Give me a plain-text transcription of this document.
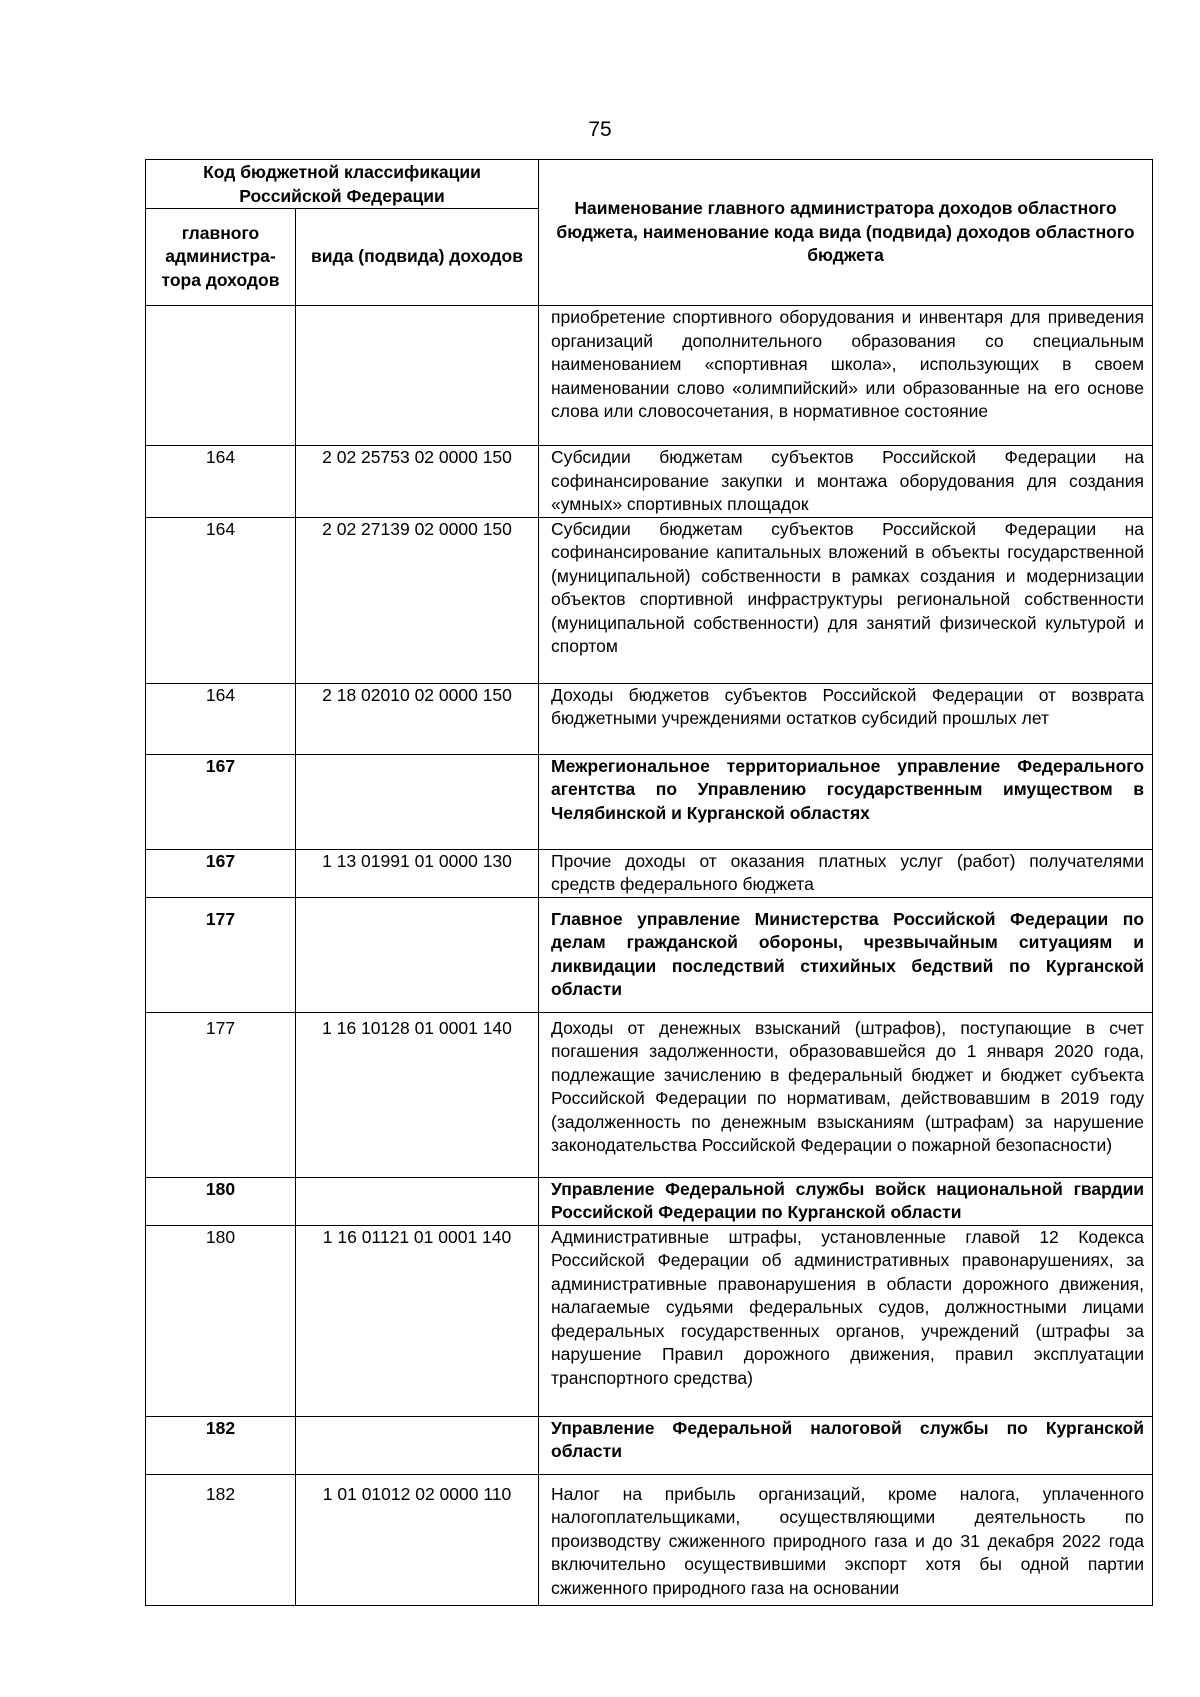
75
Код бюджетной классификации Российской Федерации		Наименование главного администратора доходов областного бюджета, наименование кода вида (подвида) доходов областного бюджета
главного администра-тора доходов	вида (подвида) доходов	
		приобретение спортивного оборудования и инвентаря для приведения организаций дополнительного образования со специальным наименованием «спортивная школа», использующих в своем наименовании слово «олимпийский» или образованные на его основе слова или словосочетания, в нормативное состояние
164	2 02 25753 02 0000 150	Субсидии бюджетам субъектов Российской Федерации на софинансирование закупки и монтажа оборудования для создания «умных» спортивных площадок
164	2 02 27139 02 0000 150	Субсидии бюджетам субъектов Российской Федерации на софинансирование капитальных вложений в объекты государственной (муниципальной) собственности в рамках создания и модернизации объектов спортивной инфраструктуры региональной собственности (муниципальной собственности) для занятий физической культурой и спортом
164	2 18 02010 02 0000 150	Доходы бюджетов субъектов Российской Федерации от возврата бюджетными учреждениями остатков субсидий прошлых лет
167		Межрегиональное территориальное управление Федерального агентства по Управлению государственным имуществом в Челябинской и Курганской областях
167	1 13 01991 01 0000 130	Прочие доходы от оказания платных услуг (работ) получателями средств федерального бюджета
177		Главное управление Министерства Российской Федерации по делам гражданской обороны, чрезвычайным ситуациям и ликвидации последствий стихийных бедствий по Курганской области
177	1 16 10128 01 0001 140	Доходы от денежных взысканий (штрафов), поступающие в счет погашения задолженности, образовавшейся до 1 января 2020 года, подлежащие зачислению в федеральный бюджет и бюджет субъекта Российской Федерации по нормативам, действовавшим в 2019 году (задолженность по денежным взысканиям (штрафам) за нарушение законодательства Российской Федерации о пожарной безопасности)
180		Управление Федеральной службы войск национальной гвардии Российской Федерации по Курганской области
180	1 16 01121 01 0001 140	Административные штрафы, установленные главой 12 Кодекса Российской Федерации об административных правонарушениях, за административные правонарушения в области дорожного движения, налагаемые судьями федеральных судов, должностными лицами федеральных государственных органов, учреждений (штрафы за нарушение Правил дорожного движения, правил эксплуатации транспортного средства)
182		Управление Федеральной налоговой службы по Курганской области
182	1 01 01012 02 0000 110	Налог на прибыль организаций, кроме налога, уплаченного налогоплательщиками, осуществляющими деятельность по производству сжиженного природного газа и до 31 декабря 2022 года включительно осуществившими экспорт хотя бы одной партии сжиженного природного газа на основании
